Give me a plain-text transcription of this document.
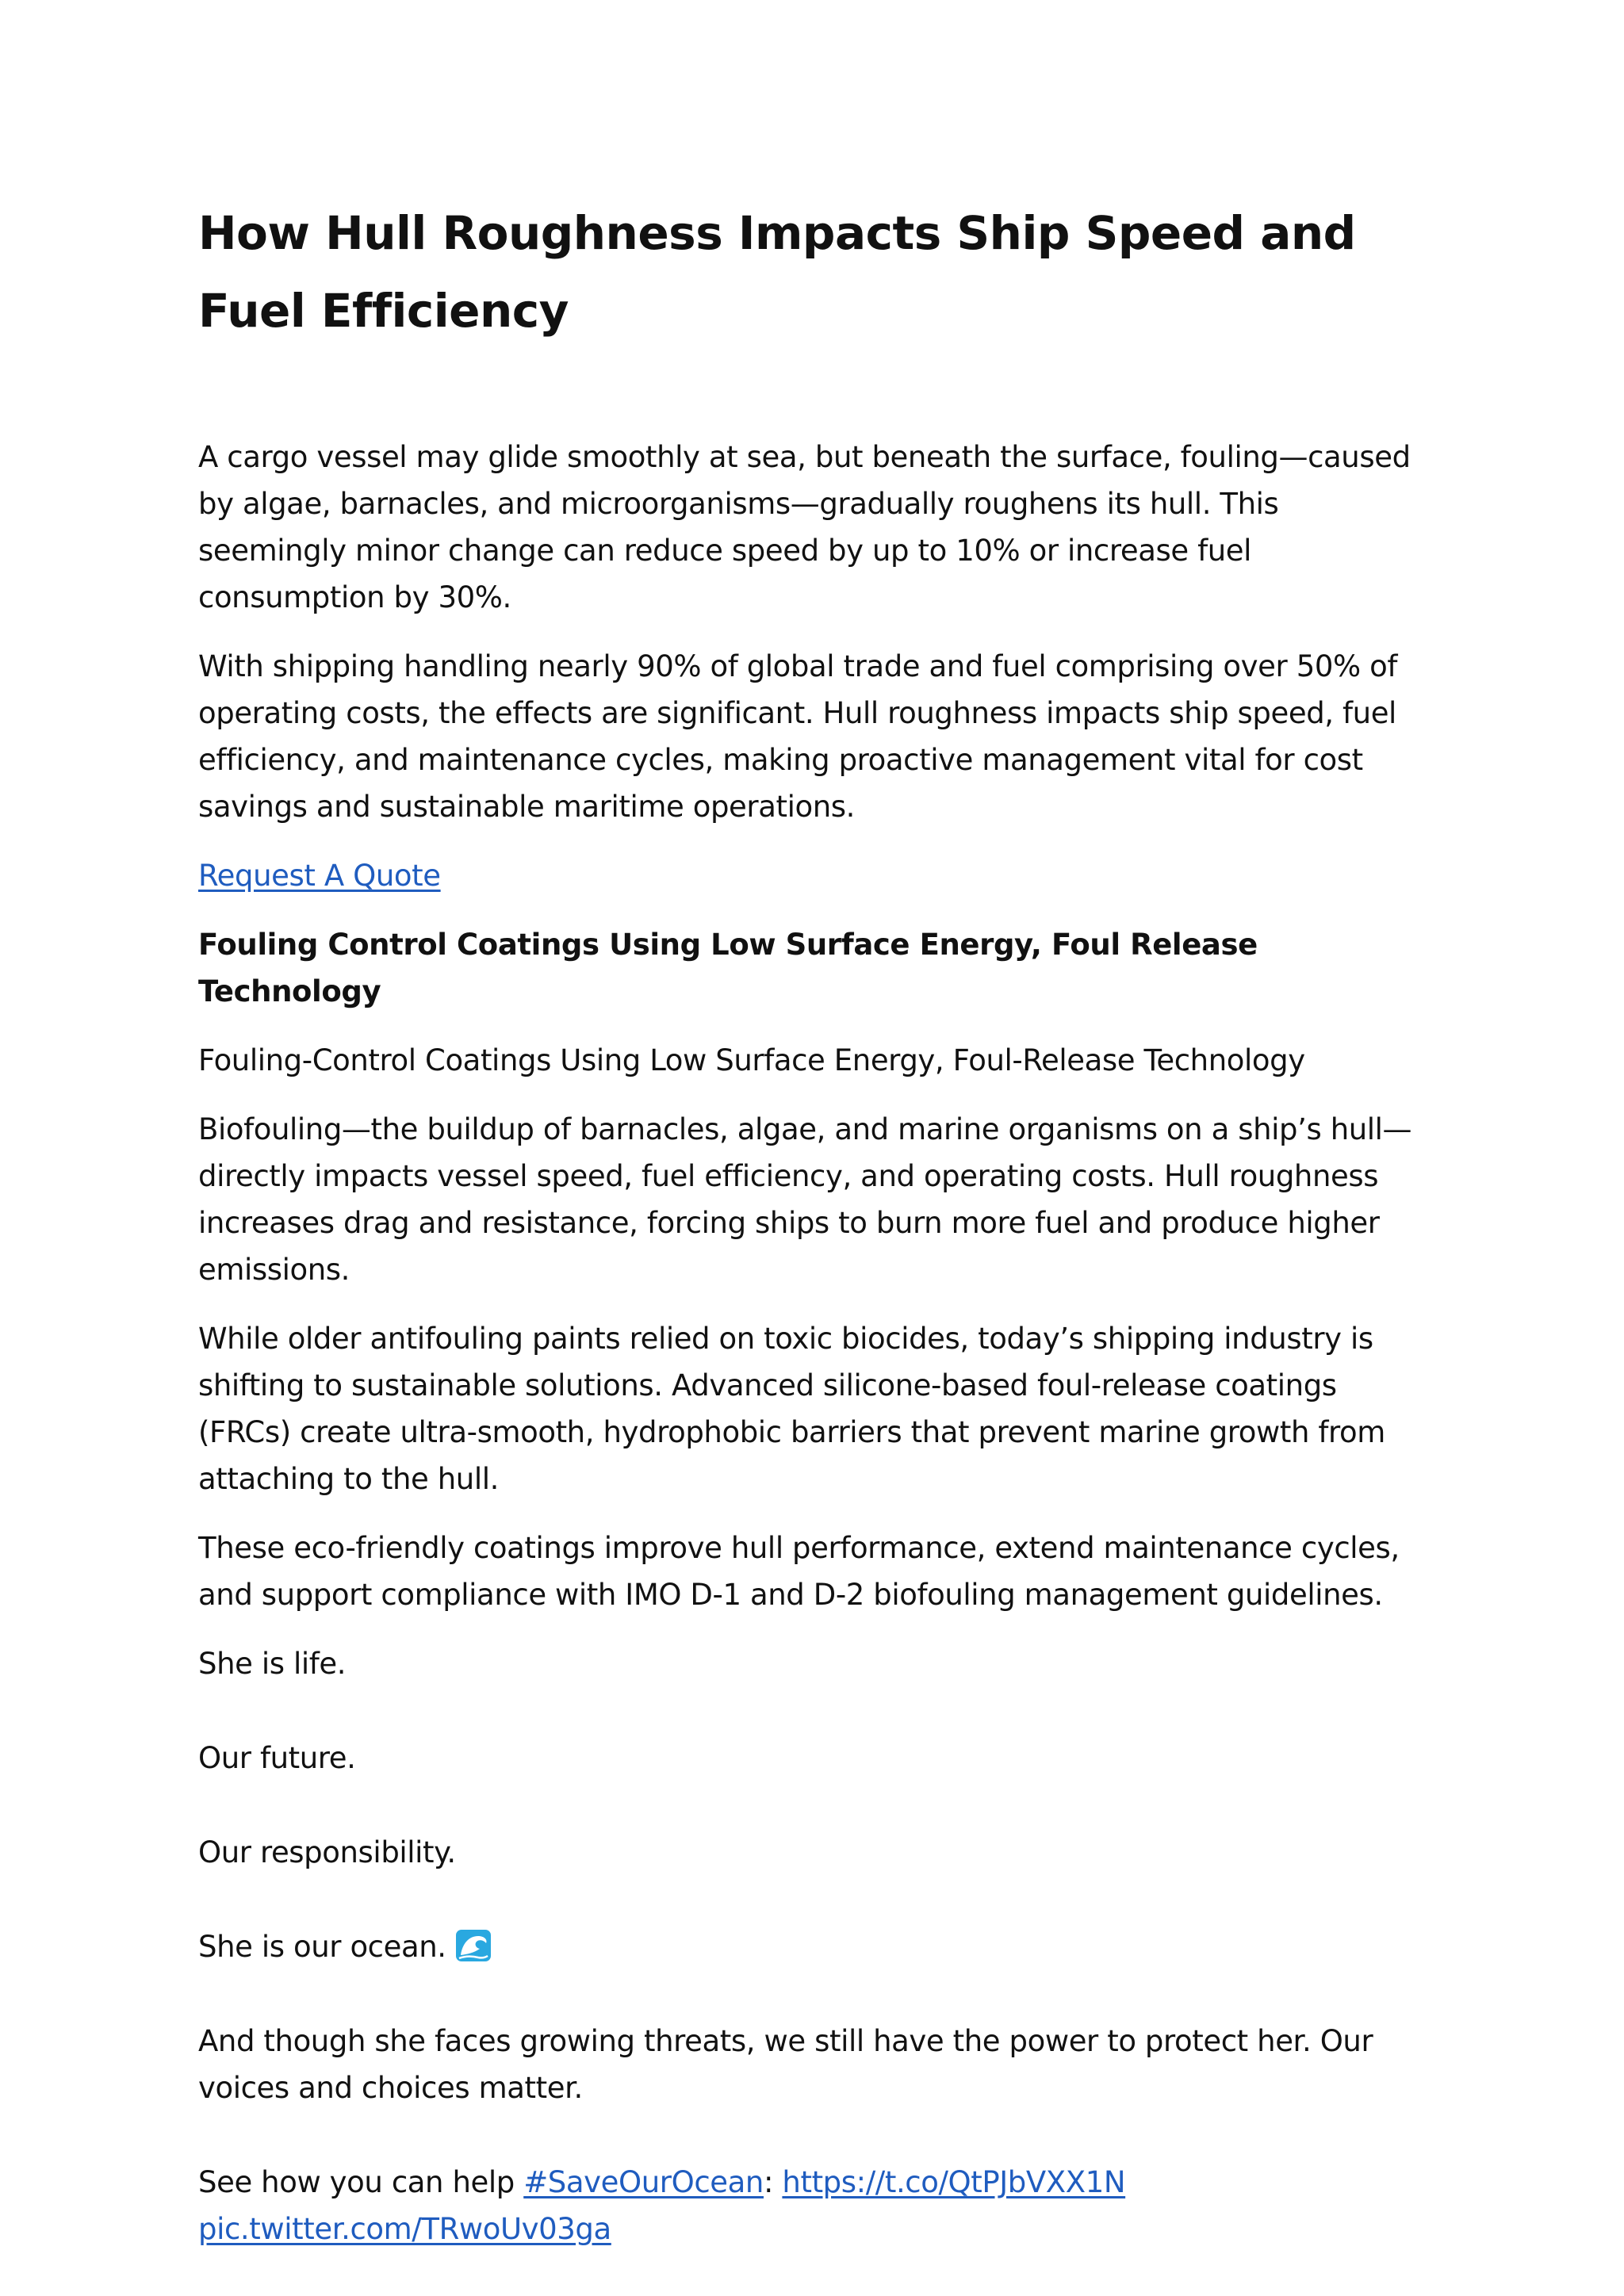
How Hull Roughness Impacts Ship Speed and Fuel Efficiency

A cargo vessel may glide smoothly at sea, but beneath the surface, fouling—caused by algae, barnacles, and microorganisms—gradually roughens its hull. This seemingly minor change can reduce speed by up to 10% or increase fuel consumption by 30%.

With shipping handling nearly 90% of global trade and fuel comprising over 50% of operating costs, the effects are significant. Hull roughness impacts ship speed, fuel efficiency, and maintenance cycles, making proactive management vital for cost savings and sustainable maritime operations.

Request A Quote

Fouling Control Coatings Using Low Surface Energy, Foul Release Technology

Fouling-Control Coatings Using Low Surface Energy, Foul-Release Technology

Biofouling—the buildup of barnacles, algae, and marine organisms on a ship’s hull—directly impacts vessel speed, fuel efficiency, and operating costs. Hull roughness increases drag and resistance, forcing ships to burn more fuel and produce higher emissions.

While older antifouling paints relied on toxic biocides, today’s shipping industry is shifting to sustainable solutions. Advanced silicone-based foul-release coatings (FRCs) create ultra-smooth, hydrophobic barriers that prevent marine growth from attaching to the hull.

These eco-friendly coatings improve hull performance, extend maintenance cycles, and support compliance with IMO D-1 and D-2 biofouling management guidelines.

She is life.

Our future.

Our responsibility.

She is our ocean.

And though she faces growing threats, we still have the power to protect her. Our voices and choices matter.

See how you can help #SaveOurOcean: https://t.co/QtPJbVXX1N
pic.twitter.com/TRwoUv03ga
